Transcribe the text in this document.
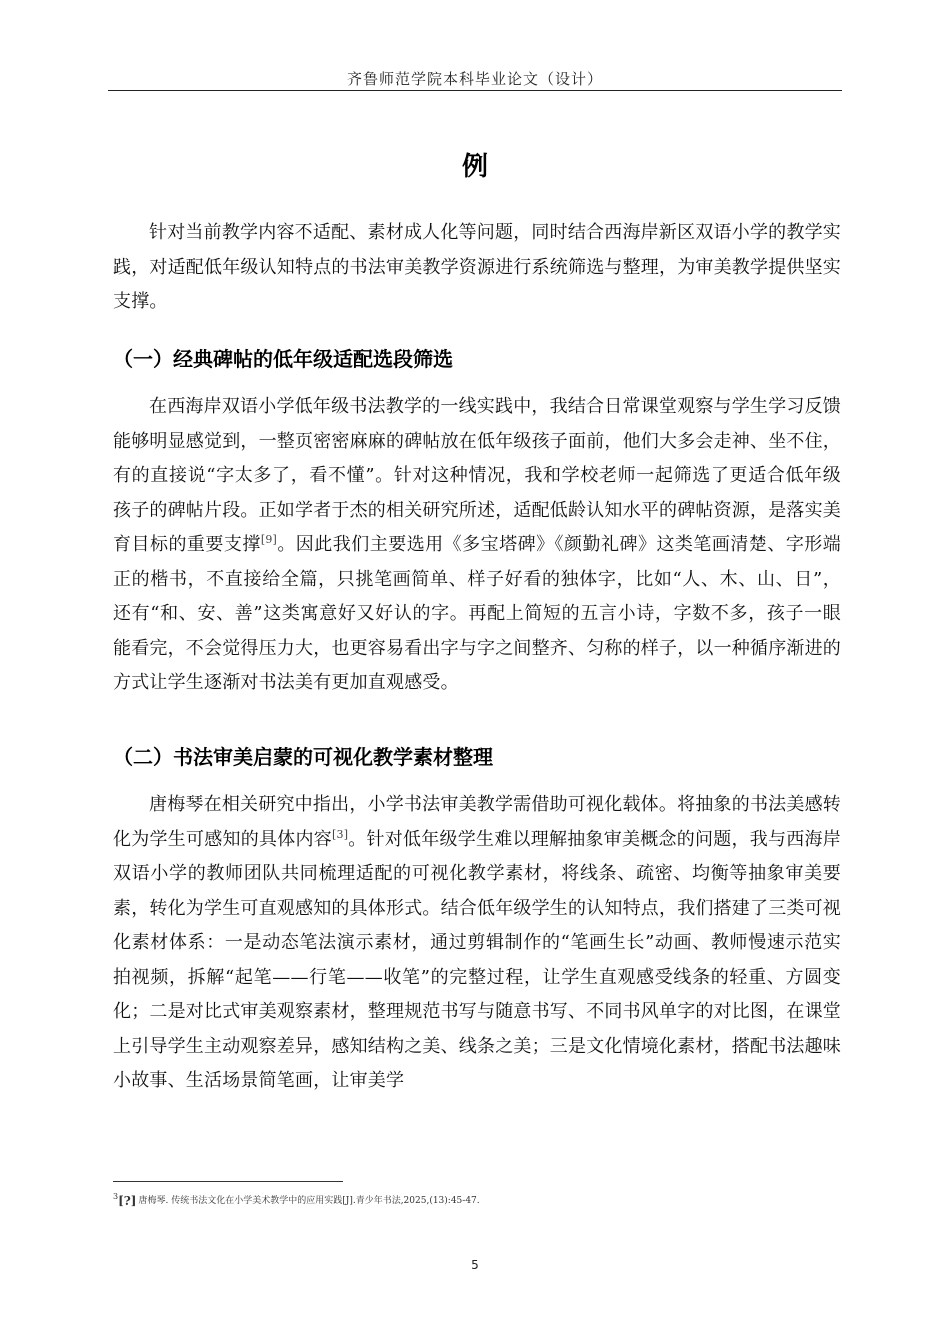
齐鲁师范学院本科毕业论文（设计）
例

针对当前教学内容不适配、素材成人化等问题，同时结合西海岸新区双语小学的教学实践，对适配低年级认知特点的书法审美教学资源进行系统筛选与整理，为审美教学提供坚实支撑。

（一）经典碑帖的低年级适配选段筛选

在西海岸双语小学低年级书法教学的一线实践中，我结合日常课堂观察与学生学习反馈能够明显感觉到，一整页密密麻麻的碑帖放在低年级孩子面前，他们大多会走神、坐不住，有的直接说“字太多了，看不懂”。针对这种情况，我和学校老师一起筛选了更适合低年级孩子的碑帖片段。正如学者于杰的相关研究所述，适配低龄认知水平的碑帖资源，是落实美育目标的重要支撑[9]。因此我们主要选用《多宝塔碑》《颜勤礼碑》这类笔画清楚、字形端正的楷书，不直接给全篇，只挑笔画简单、样子好看的独体字，比如“人、木、山、日”，还有“和、安、善”这类寓意好又好认的字。再配上简短的五言小诗，字数不多，孩子一眼能看完，不会觉得压力大，也更容易看出字与字之间整齐、匀称的样子，以一种循序渐进的方式让学生逐渐对书法美有更加直观感受。

（二）书法审美启蒙的可视化教学素材整理

唐梅琴在相关研究中指出，小学书法审美教学需借助可视化载体。将抽象的书法美感转化为学生可感知的具体内容[3]。针对低年级学生难以理解抽象审美概念的问题，我与西海岸双语小学的教师团队共同梳理适配的可视化教学素材，将线条、疏密、均衡等抽象审美要素，转化为学生可直观感知的具体形式。结合低年级学生的认知特点，我们搭建了三类可视化素材体系：一是动态笔法演示素材，通过剪辑制作的“笔画生长”动画、教师慢速示范实拍视频，拆解“起笔——行笔——收笔”的完整过程，让学生直观感受线条的轻重、方圆变化；二是对比式审美观察素材，整理规范书写与随意书写、不同书风单字的对比图，在课堂上引导学生主动观察差异，感知结构之美、线条之美；三是文化情境化素材，搭配书法趣味小故事、生活场景简笔画，让审美学

3[?] 唐梅琴. 传统书法文化在小学美术教学中的应用实践[J].青少年书法,2025,(13):45-47.
5
